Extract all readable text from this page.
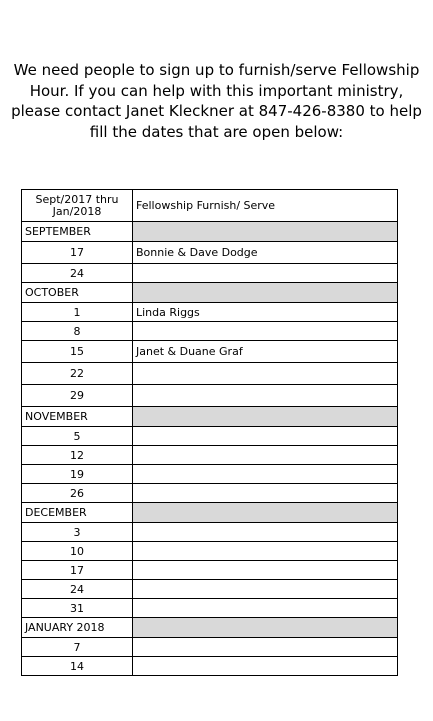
We need people to sign up to furnish/serve Fellowship Hour. If you can help with this important ministry, please contact Janet Kleckner at 847-426-8380 to help fill the dates that are open below:

Sept/2017 thru Jan/2018	Fellowship Furnish/ Serve
SEPTEMBER	
17	Bonnie & Dave Dodge
24	
OCTOBER	
1	Linda Riggs
8	
15	Janet & Duane Graf
22	
29	
NOVEMBER	
5	
12	
19	
26	
DECEMBER	
3	
10	
17	
24	
31	
JANUARY 2018	
7	
14	
